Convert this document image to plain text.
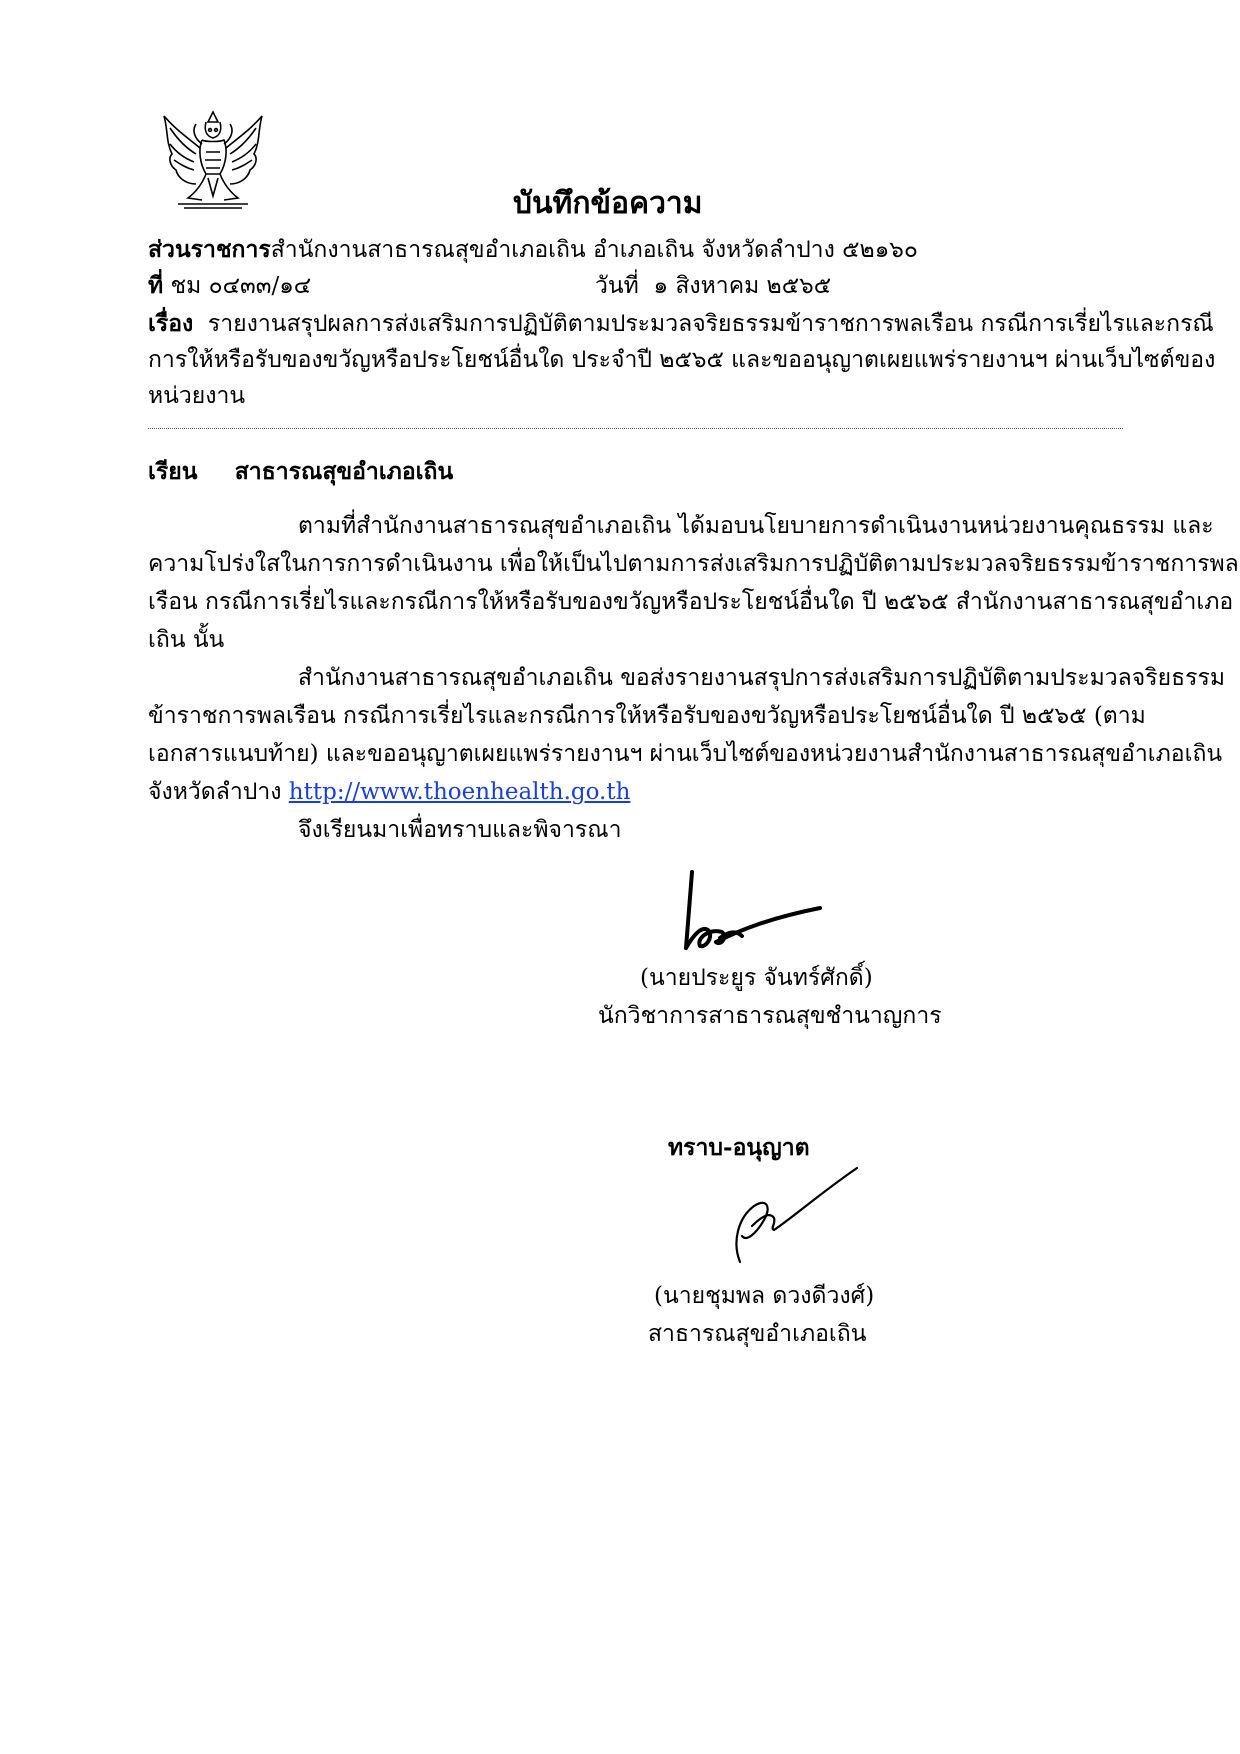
บันทึกข้อความ
ส่วนราชการสำนักงานสาธารณสุขอำเภอเถิน อำเภอเถิน จังหวัดลำปาง ๕๒๑๖๐
ที่ ชม ๐๔๓๓/๑๔	วันที่ ๑ สิงหาคม ๒๕๖๕
เรื่อง รายงานสรุปผลการส่งเสริมการปฏิบัติตามประมวลจริยธรรมข้าราชการพลเรือน กรณีการเรี่ยไรและกรณี
การให้หรือรับของขวัญหรือประโยชน์อื่นใด ประจำปี ๒๕๖๕ และขออนุญาตเผยแพร่รายงานฯ ผ่านเว็บไซต์ของ
หน่วยงาน
เรียน สาธารณสุขอำเภอเถิน
ตามที่สำนักงานสาธารณสุขอำเภอเถิน ได้มอบนโยบายการดำเนินงานหน่วยงานคุณธรรม และ
ความโปร่งใสในการการดำเนินงาน เพื่อให้เป็นไปตามการส่งเสริมการปฏิบัติตามประมวลจริยธรรมข้าราชการพล
เรือน กรณีการเรี่ยไรและกรณีการให้หรือรับของขวัญหรือประโยชน์อื่นใด ปี ๒๕๖๕ สำนักงานสาธารณสุขอำเภอ
เถิน นั้น
สำนักงานสาธารณสุขอำเภอเถิน ขอส่งรายงานสรุปการส่งเสริมการปฏิบัติตามประมวลจริยธรรม
ข้าราชการพลเรือน กรณีการเรี่ยไรและกรณีการให้หรือรับของขวัญหรือประโยชน์อื่นใด ปี ๒๕๖๕ (ตาม
เอกสารแนบท้าย) และขออนุญาตเผยแพร่รายงานฯ ผ่านเว็บไซต์ของหน่วยงานสำนักงานสาธารณสุขอำเภอเถิน
จังหวัดลำปาง http://www.thoenhealth.go.th
จึงเรียนมาเพื่อทราบและพิจารณา
(นายประยูร จันทร์ศักดิ์)
นักวิชาการสาธารณสุขชำนาญการ
ทราบ-อนุญาต
(นายชุมพล ดวงดีวงศ์)
สาธารณสุขอำเภอเถิน
